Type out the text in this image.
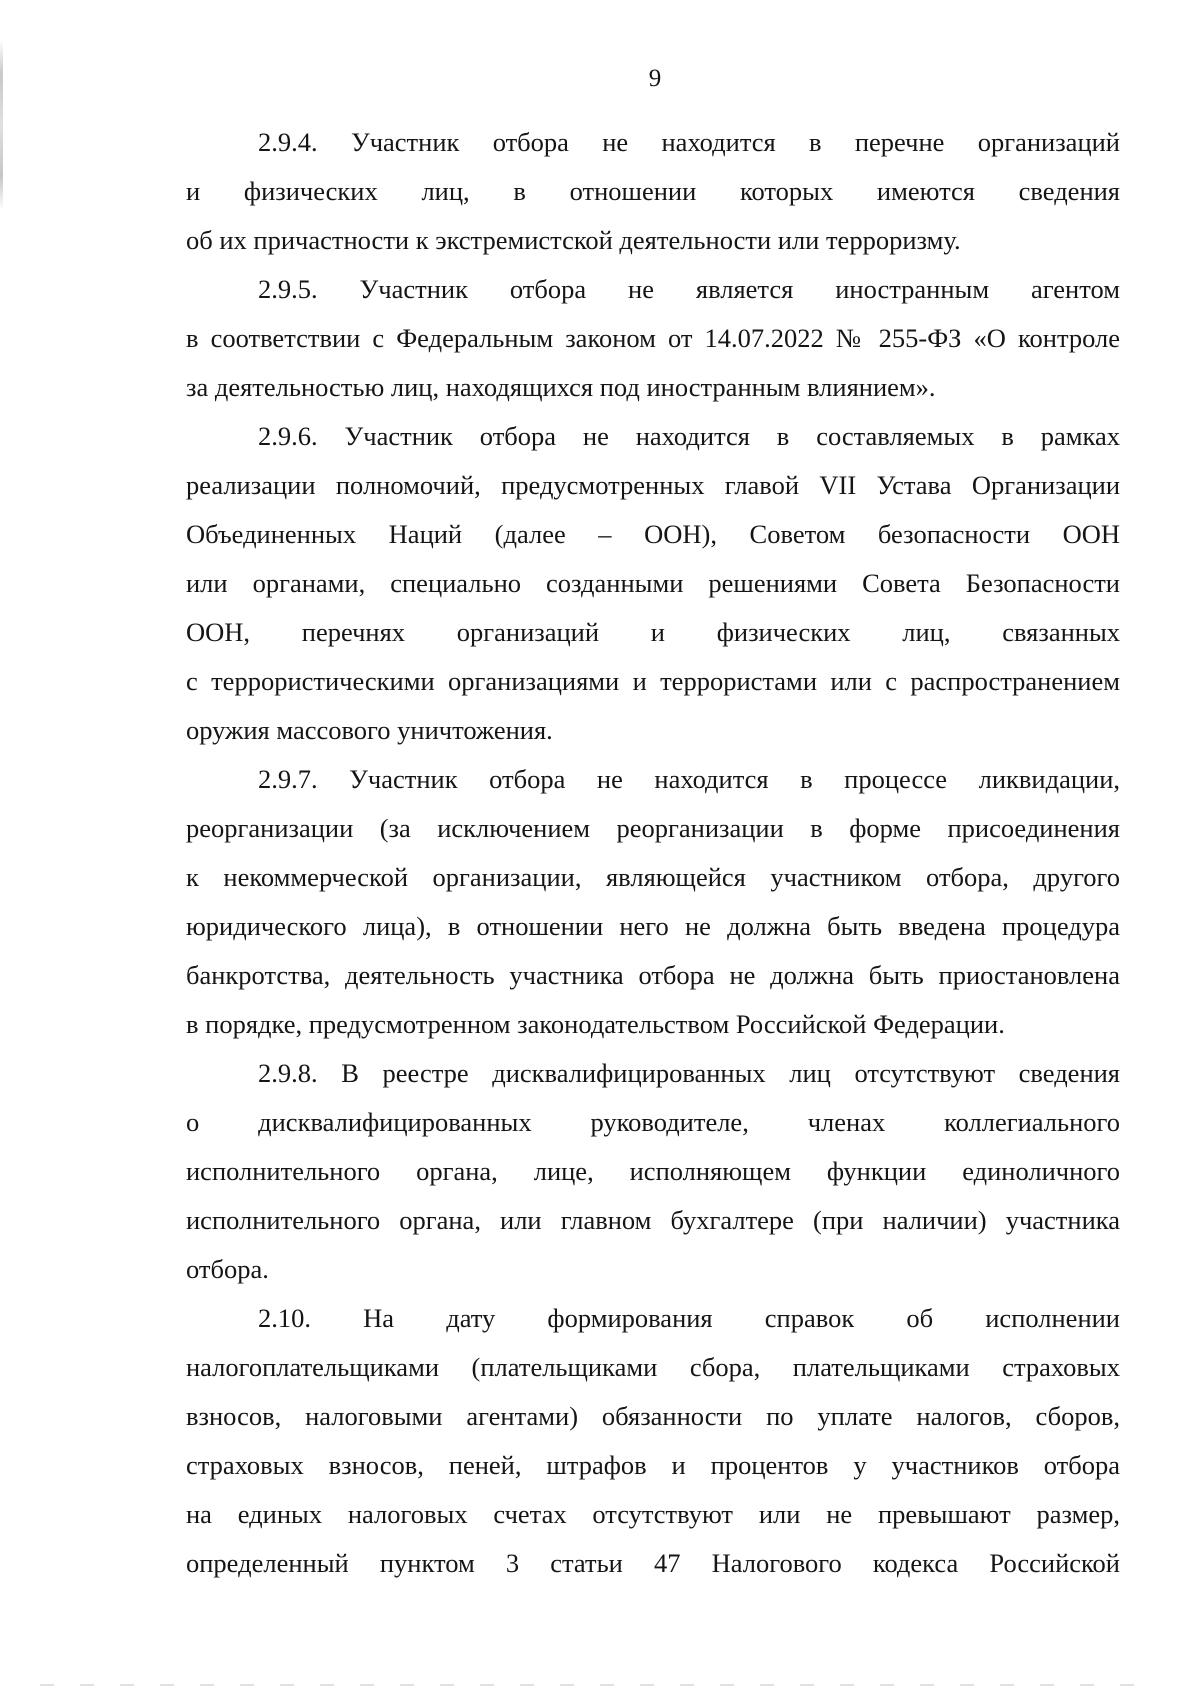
9

2.9.4. Участник отбора не находится в перечне организаций
и физических лиц, в отношении которых имеются сведения
об их причастности к экстремистской деятельности или терроризму.

2.9.5. Участник отбора не является иностранным агентом
в соответствии с Федеральным законом от 14.07.2022 № 255-ФЗ «О контроле
за деятельностью лиц, находящихся под иностранным влиянием».

2.9.6. Участник отбора не находится в составляемых в рамках
реализации полномочий, предусмотренных главой VII Устава Организации
Объединенных Наций (далее – ООН), Советом безопасности ООН
или органами, специально созданными решениями Совета Безопасности
ООН, перечнях организаций и физических лиц, связанных
с террористическими организациями и террористами или с распространением
оружия массового уничтожения.

2.9.7. Участник отбора не находится в процессе ликвидации,
реорганизации (за исключением реорганизации в форме присоединения
к некоммерческой организации, являющейся участником отбора, другого
юридического лица), в отношении него не должна быть введена процедура
банкротства, деятельность участника отбора не должна быть приостановлена
в порядке, предусмотренном законодательством Российской Федерации.

2.9.8. В реестре дисквалифицированных лиц отсутствуют сведения
о дисквалифицированных руководителе, членах коллегиального
исполнительного органа, лице, исполняющем функции единоличного
исполнительного органа, или главном бухгалтере (при наличии) участника
отбора.

2.10. На дату формирования справок об исполнении
налогоплательщиками (плательщиками сбора, плательщиками страховых
взносов, налоговыми агентами) обязанности по уплате налогов, сборов,
страховых взносов, пеней, штрафов и процентов у участников отбора
на единых налоговых счетах отсутствуют или не превышают размер,
определенный пунктом 3 статьи 47 Налогового кодекса Российской
